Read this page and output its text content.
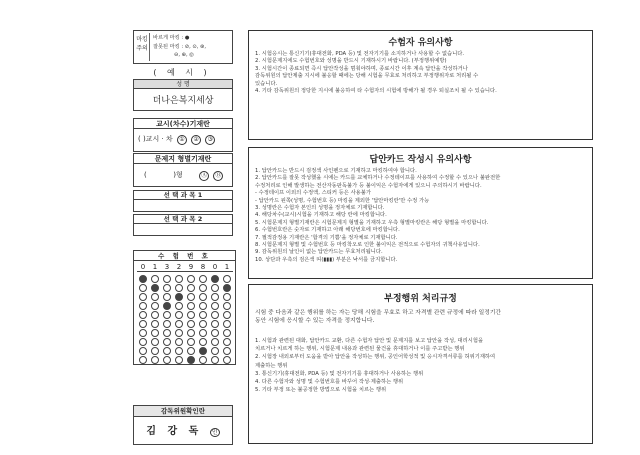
마킹주의
바르게 마킹 : ●
잘못된 마킹 : ⊘, ⊙, ⊛,
⊖, ⊕, ◎
( 예 시 )
성 명
더나은복지세상
교시(차수)기재란
( )교시 · 차 ① ② ③
문제지 형별기재란
(	)형	Ⓐ Ⓑ
선 택 과 목 1
선 택 과 목 2
수 험 번 호
0	1	3	2	9	8	0	1
감독위원확인란
김 강 독 인
수험자 유의사항

1. 시험응시는 통신기기(휴대전화, PDA 등) 및 전자기기를 소지하거나 사용할 수 없습니다.

2. 시험문제지에도 수험번호와 성명을 반드시 기재하시기 바랍니다. (부정행위예방)

3. 시험시간이 종료되면 즉시 답안작성을 멈춰야하며, 종료시간 이후 계속 답안을 작성하거나

감독위원의 답안제출 지시에 불응할 때에는 당해 시험을 무효로 처리하고 부정행위자로 처리될 수

있습니다.

4. 기타 감독위원의 정당한 지시에 불응하여 타 수험자의 시험에 방해가 될 경우 퇴실조치 될 수 있습니다.

답안카드 작성시 유의사항

1. 답안카드는 반드시 검정색 사인펜으로 기재하고 마킹하여야 합니다.

2. 답안카드를 잘못 작성했을 시에는 카드를 교체하거나 수정테이프를 사용하여 수정할 수 있으나 불완전한

수정처리로 인해 발생하는 전산자동판독불가 등 불이익은 수험자에게 있으니 주의하시기 바랍니다.

- 수정테이프 이외의 수정액, 스티커 등은 사용불가

- 답안카드 왼쪽(성명, 수험번호 등) 마킹을 제외한 '답안마킹란'만 수정 가능

3. 성명란은 수험자 본인의 성명을 정자체로 기재합니다.

4. 해당차수(교시)시험을 기재하고 해당 란에 마킹합니다.

5. 시험문제지 형별기재란은 시험문제지 형별을 기재하고 우측 형별마킹란은 해당 형별을 마킹합니다.

6. 수험번호란은 숫자로 기재하고 아래 해당번호에 마킹합니다.

7. 필적감정용 기재란은 '합격의 기쁨'을 정자체로 기재합니다.

8. 시험문제지 형별 및 수험번호 등 마킹착오로 인한 불이익은 전적으로 수험자의 귀책사유입니다.

9. 감독위원의 날인이 없는 답안카드는 무효처리됩니다.

10. 상단과 우측의 검은색 띠(▮▮▮) 부분은 낙서를 금지합니다.

부정행위 처리규정

시험 중 다음과 같은 행위를 하는 자는 당해 시험을 무효로 하고 자격별 관련 규정에 따라 일정기간

동안 시험에 응시할 수 있는 자격을 정지합니다.

1. 시험과 관련된 대화, 답안카드 교환, 다른 수험자 답안 및 문제지를 보고 답안을 작성, 대리시험을

치르거나 치르게 하는 행위, 시험문제 내용과 관련된 물건을 휴대하거나 이를 주고받는 행위

2. 시험장 내외로부터 도움을 받아 답안을 작성하는 행위, 공인어학성적 및 응시자격서류를 허위기재하여

제출하는 행위

3. 통신기기(휴대전화, PDA 등) 및 전자기기를 휴대하거나 사용하는 행위

4. 다른 수험자와 성명 및 수험번호를 바꾸어 작성·제출하는 행위

5. 기타 부정 또는 불공정한 방법으로 시험을 치르는 행위
